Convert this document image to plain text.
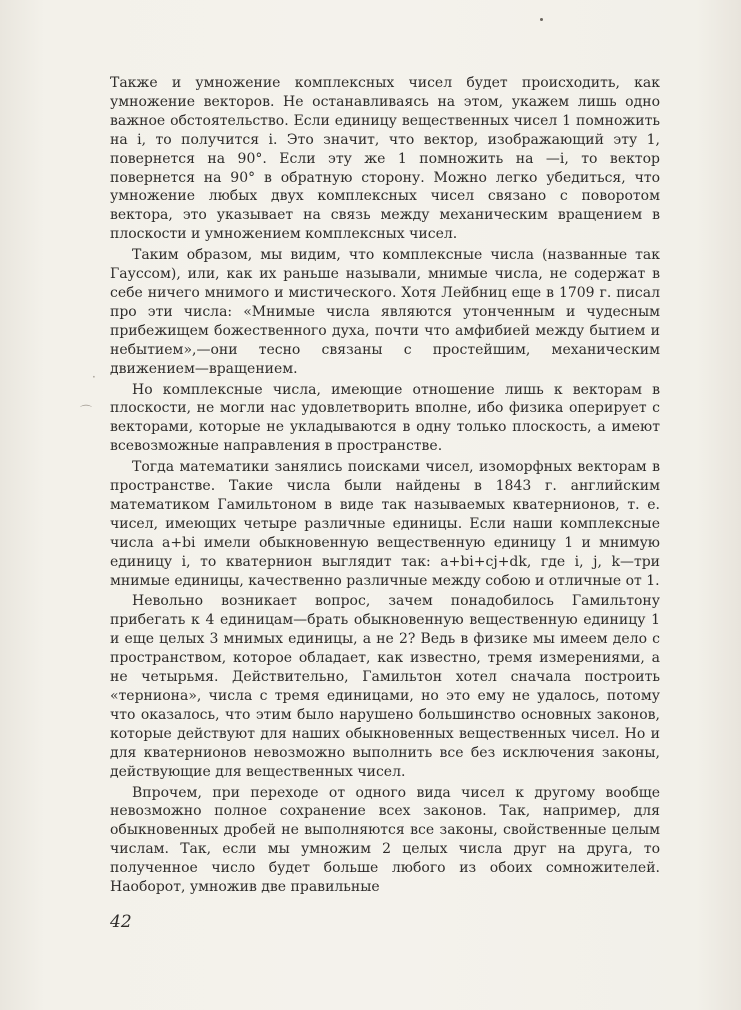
·
⌒

Также и умножение комплексных чисел будет происходить, как умножение векторов. Не останавливаясь на этом, укажем лишь одно важное обстоятельство. Если единицу вещественных чисел 1 помножить на i, то получится i. Это значит, что вектор, изображающий эту 1, повернется на 90°. Если эту же 1 помножить на —i, то вектор повернется на 90° в обратную сторону. Можно легко убедиться, что умножение любых двух комплексных чисел связано с поворотом вектора, это указывает на связь между механическим вращением в плоскости и умножением комплексных чисел.

Таким образом, мы видим, что комплексные числа (названные так Гауссом), или, как их раньше называли, мнимые числа, не содержат в себе ничего мнимого и мистического. Хотя Лейбниц еще в 1709 г. писал про эти числа: «Мнимые числа являются утонченным и чудесным прибежищем божественного духа, почти что амфибией между бытием и небытием»,—они тесно связаны с простейшим, механическим движением—вращением.

Но комплексные числа, имеющие отношение лишь к векторам в плоскости, не могли нас удовлетворить вполне, ибо физика оперирует с векторами, которые не укладываются в одну только плоскость, а имеют всевозможные направления в пространстве.

Тогда математики занялись поисками чисел, изоморфных векторам в пространстве. Такие числа были найдены в 1843 г. английским математиком Гамильтоном в виде так называемых кватернионов, т. е. чисел, имеющих четыре различные единицы. Если наши комплексные числа a+bi имели обыкновенную вещественную единицу 1 и мнимую единицу i, то кватернион выглядит так: a+bi+cj+dk, где i, j, k—три мнимые единицы, качественно различные между собою и отличные от 1.

Невольно возникает вопрос, зачем понадобилось Гамильтону прибегать к 4 единицам—брать обыкновенную вещественную единицу 1 и еще целых 3 мнимых единицы, а не 2? Ведь в физике мы имеем дело с пространством, которое обладает, как известно, тремя измерениями, а не четырьмя. Действительно, Гамильтон хотел сначала построить «терниона», числа с тремя единицами, но это ему не удалось, потому что оказалось, что этим было нарушено большинство основных законов, которые действуют для наших обыкновенных вещественных чисел. Но и для кватернионов невозможно выполнить все без исключения законы, действующие для вещественных чисел.

Впрочем, при переходе от одного вида чисел к другому вообще невозможно полное сохранение всех законов. Так, например, для обыкновенных дробей не выполняются все законы, свойственные целым числам. Так, если мы умножим 2 целых числа друг на друга, то полученное число будет больше любого из обоих сомножителей. Наоборот, умножив две правильные

42
